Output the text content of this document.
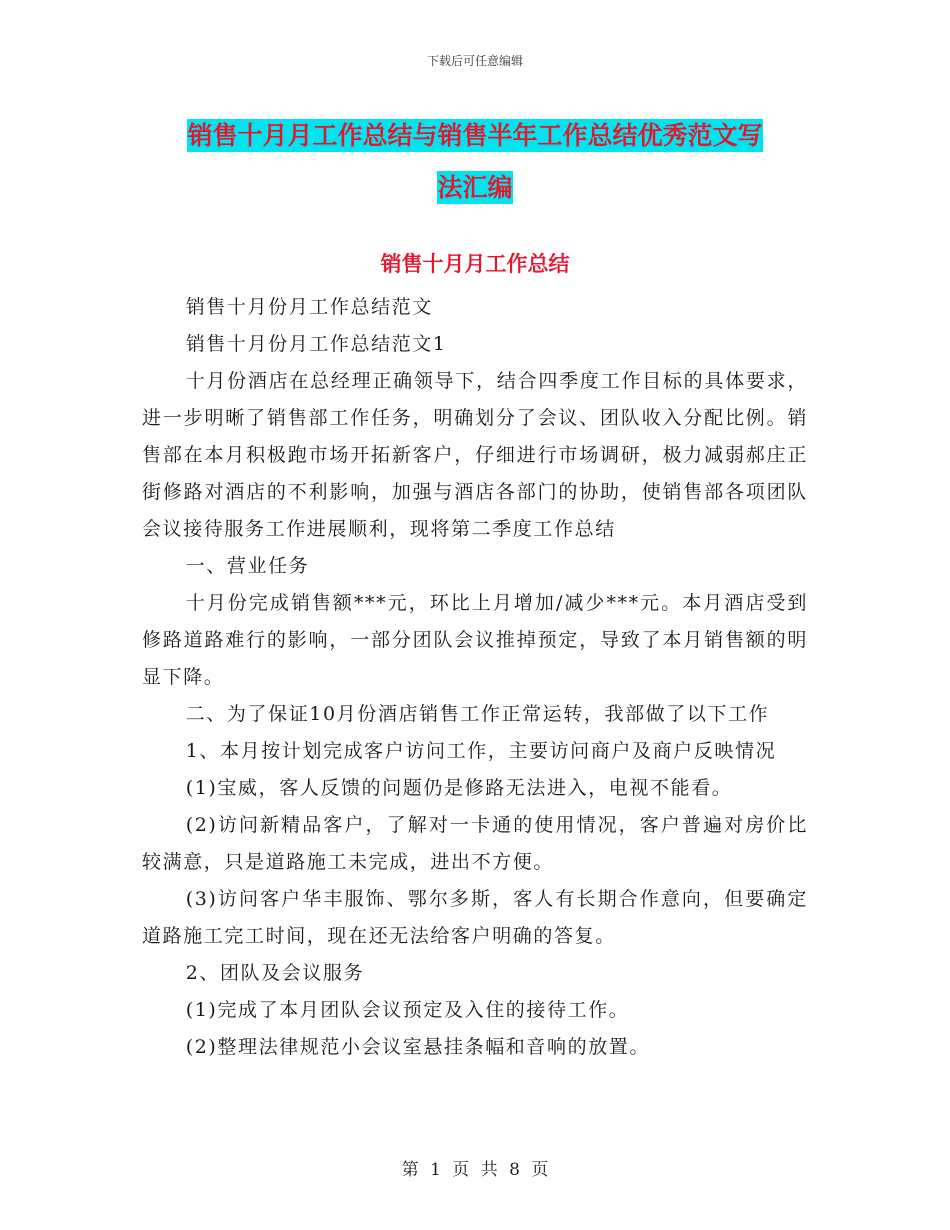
下载后可任意编辑
销售十月月工作总结与销售半年工作总结优秀范文写
法汇编
销售十月月工作总结

销售十月份月工作总结范文

销售十月份月工作总结范文1

十月份酒店在总经理正确领导下，结合四季度工作目标的具体要求，进一步明晰了销售部工作任务，明确划分了会议、团队收入分配比例。销售部在本月积极跑市场开拓新客户，仔细进行市场调研，极力减弱郝庄正街修路对酒店的不利影响，加强与酒店各部门的协助，使销售部各项团队会议接待服务工作进展顺利，现将第二季度工作总结

一、营业任务

十月份完成销售额***元，环比上月增加/减少***元。本月酒店受到修路道路难行的影响，一部分团队会议推掉预定，导致了本月销售额的明显下降。

二、为了保证10月份酒店销售工作正常运转，我部做了以下工作

1、本月按计划完成客户访问工作，主要访问商户及商户反映情况

(1)宝威，客人反馈的问题仍是修路无法进入，电视不能看。

(2)访问新精品客户，了解对一卡通的使用情况，客户普遍对房价比较满意，只是道路施工未完成，进出不方便。

(3)访问客户华丰服饰、鄂尔多斯，客人有长期合作意向，但要确定道路施工完工时间，现在还无法给客户明确的答复。

2、团队及会议服务

(1)完成了本月团队会议预定及入住的接待工作。

(2)整理法律规范小会议室悬挂条幅和音响的放置。

第 1 页 共 8 页
